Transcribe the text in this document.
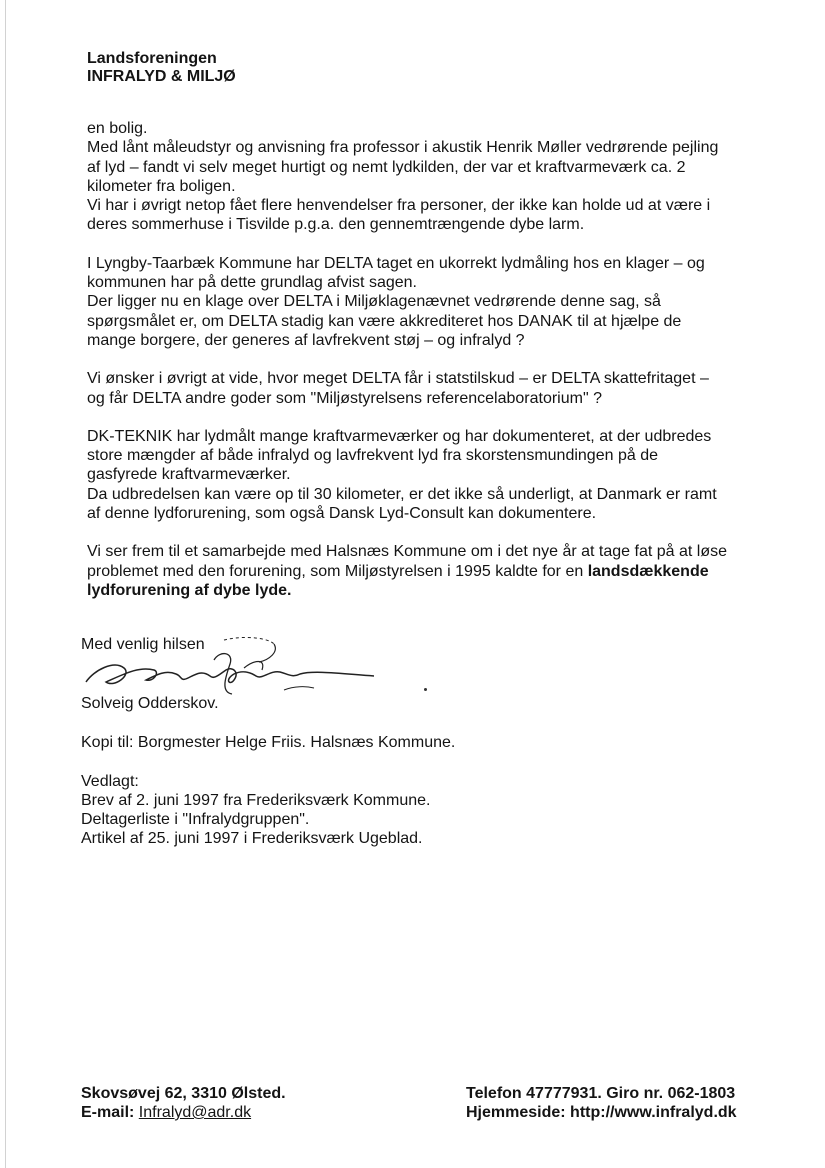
Landsforeningen
INFRALYD & MILJØ

en bolig.

Med lånt måleudstyr og anvisning fra professor i akustik Henrik Møller vedrørende pejling

af lyd – fandt vi selv meget hurtigt og nemt lydkilden, der var et kraftvarmeværk ca. 2

kilometer fra boligen.

Vi har i øvrigt netop fået flere henvendelser fra personer, der ikke kan holde ud at være i

deres sommerhuse i Tisvilde p.g.a. den gennemtrængende dybe larm.

I Lyngby-Taarbæk Kommune har DELTA taget en ukorrekt lydmåling hos en klager – og

kommunen har på dette grundlag afvist sagen.

Der ligger nu en klage over DELTA i Miljøklagenævnet vedrørende denne sag, så

spørgsmålet er, om DELTA stadig kan være akkrediteret hos DANAK til at hjælpe de

mange borgere, der generes af lavfrekvent støj – og infralyd ?

Vi ønsker i øvrigt at vide, hvor meget DELTA får i statstilskud – er DELTA skattefritaget –

og får DELTA andre goder som "Miljøstyrelsens referencelaboratorium" ?

DK-TEKNIK har lydmålt mange kraftvarmeværker og har dokumenteret, at der udbredes

store mængder af både infralyd og lavfrekvent lyd fra skorstensmundingen på de

gasfyrede kraftvarmeværker.

Da udbredelsen kan være op til 30 kilometer, er det ikke så underligt, at Danmark er ramt

af denne lydforurening, som også Dansk Lyd-Consult kan dokumentere.

Vi ser frem til et samarbejde med Halsnæs Kommune om i det nye år at tage fat på at løse

problemet med den forurening, som Miljøstyrelsen i 1995 kaldte for en landsdækkende

lydforurening af dybe lyde.

Med venlig hilsen
Solveig Odderskov.
Kopi til: Borgmester Helge Friis. Halsnæs Kommune.
Vedlagt:
Brev af 2. juni 1997 fra Frederiksværk Kommune.
Deltagerliste i "Infralydgruppen".
Artikel af 25. juni 1997 i Frederiksværk Ugeblad.
Skovsøvej 62, 3310 Ølsted.
E-mail: Infralyd@adr.dk
Telefon 47777931. Giro nr. 062-1803
Hjemmeside: http://www.infralyd.dk
